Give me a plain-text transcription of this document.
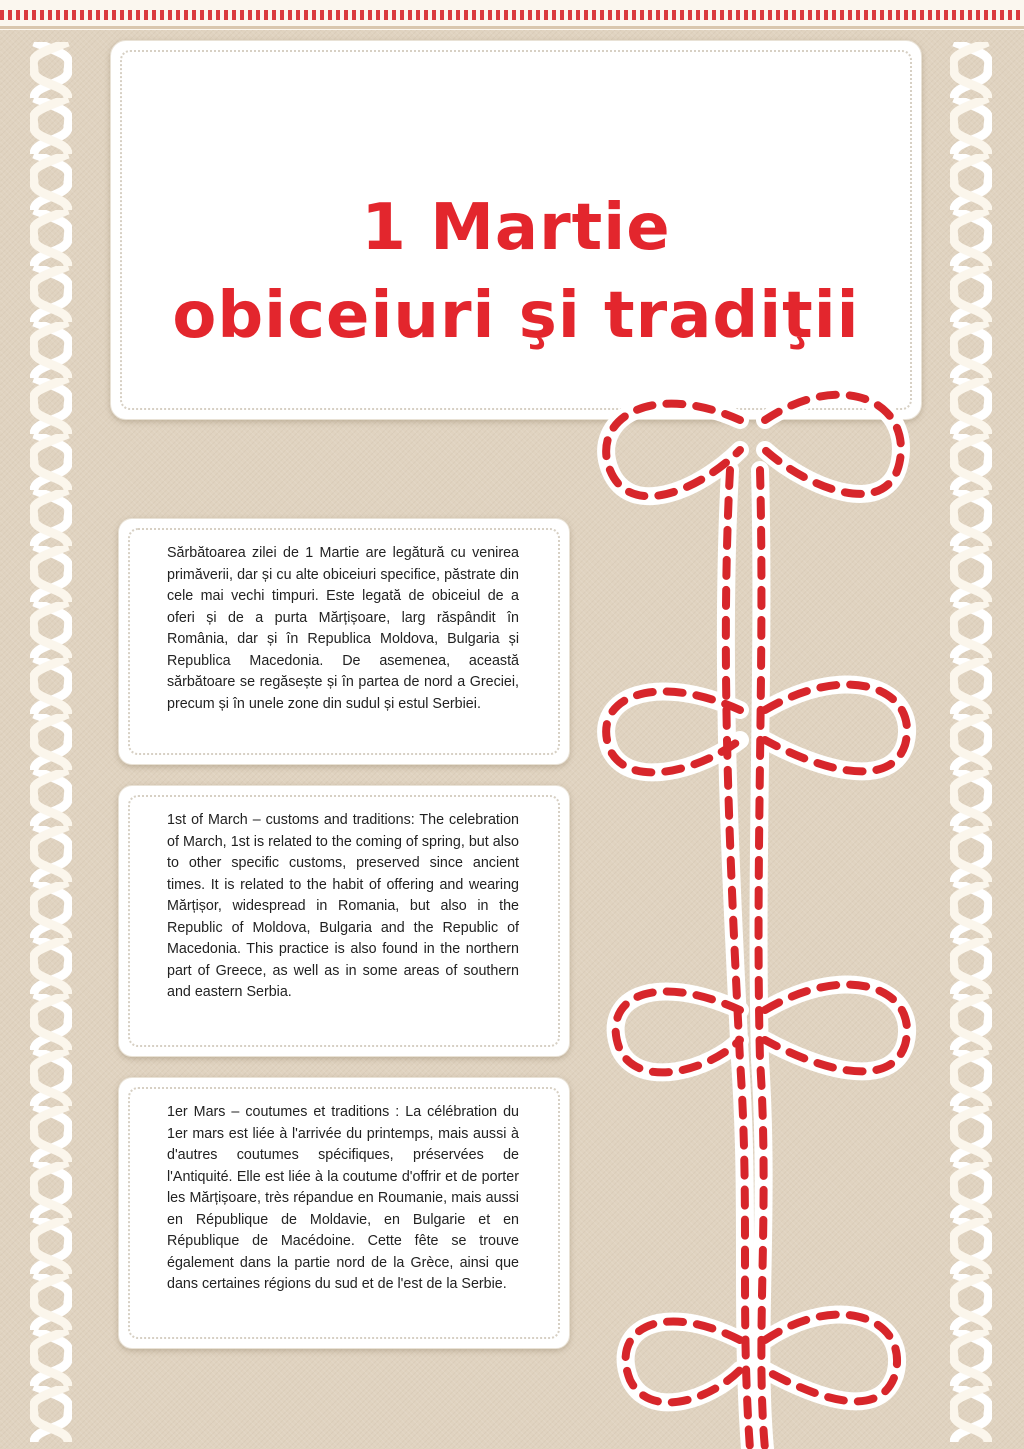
1 Martie
obiceiuri şi tradiţii

Sărbătoarea zilei de 1 Martie are legătură cu venirea primăverii, dar și cu alte obiceiuri specifice, păstrate din cele mai vechi timpuri. Este legată de obiceiul de a oferi și de a purta Mărțișoare, larg răspândit în România, dar și în Republica Moldova, Bulgaria și Republica Macedonia. De asemenea, această sărbătoare se regăsește și în partea de nord a Greciei, precum și în unele zone din sudul și estul Serbiei.

1st of March – customs and traditions: The celebration of March, 1st is related to the coming of spring, but also to other specific customs, preserved since ancient times. It is related to the habit of offering and wearing Mărțișor, widespread in Romania, but also in the Republic of Moldova, Bulgaria and the Republic of Macedonia. This practice is also found in the northern part of Greece, as well as in some areas of southern and eastern Serbia.

1er Mars – coutumes et traditions : La célébration du 1er mars est liée à l'arrivée du printemps, mais aussi à d'autres coutumes spécifiques, préservées de l'Antiquité. Elle est liée à la coutume d'offrir et de porter les Mărțișoare, très répandue en Roumanie, mais aussi en République de Moldavie, en Bulgarie et en République de Macédoine. Cette fête se trouve également dans la partie nord de la Grèce, ainsi que dans certaines régions du sud et de l'est de la Serbie.
